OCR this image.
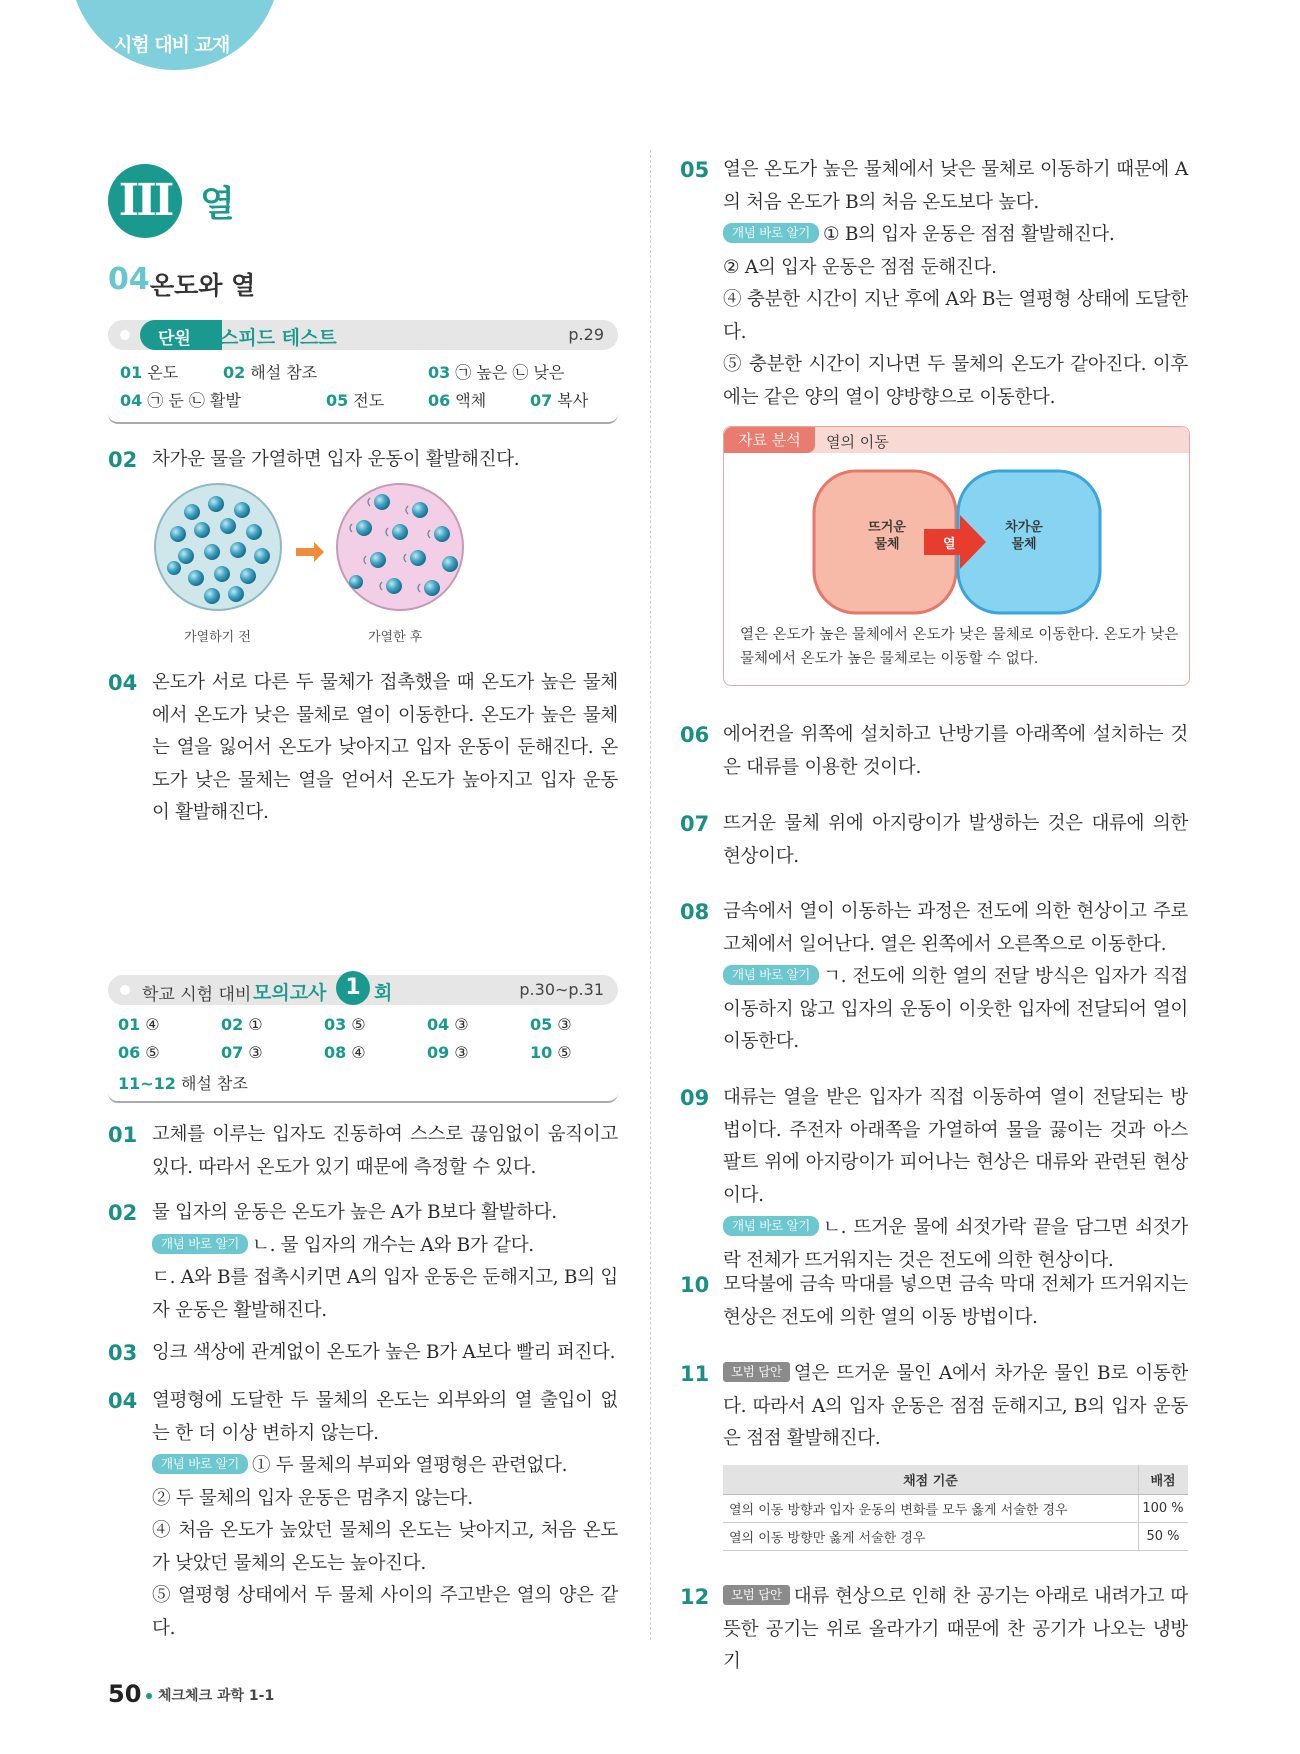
시험 대비 교재
III 열
04 온도와 열
단원 스피드 테스트	p.29
01 온도	02 해설 참조	03 ㉠ 높은 ㉡ 낮은
04 ㉠ 둔 ㉡ 활발	05 전도	06 액체	07 복사
02 차가운 물을 가열하면 입자 운동이 활발해진다.
가열하기 전	가열한 후
04 온도가 서로 다른 두 물체가 접촉했을 때 온도가 높은 물체에서 온도가 낮은 물체로 열이 이동한다. 온도가 높은 물체는 열을 잃어서 온도가 낮아지고 입자 운동이 둔해진다. 온도가 낮은 물체는 열을 얻어서 온도가 높아지고 입자 운동이 활발해진다.
학교 시험 대비 모의고사 1 회	p.30∼p.31
01 ④	02 ①	03 ⑤	04 ③	05 ③
06 ⑤	07 ③	08 ④	09 ③	10 ⑤
11~12 해설 참조
01 고체를 이루는 입자도 진동하여 스스로 끊임없이 움직이고 있다. 따라서 온도가 있기 때문에 측정할 수 있다.
02 물 입자의 운동은 온도가 높은 A가 B보다 활발하다.

개념 바로 알기 ㄴ. 물 입자의 개수는 A와 B가 같다.

ㄷ. A와 B를 접촉시키면 A의 입자 운동은 둔해지고, B의 입자 운동은 활발해진다.

03 잉크 색상에 관계없이 온도가 높은 B가 A보다 빨리 퍼진다.
04 열평형에 도달한 두 물체의 온도는 외부와의 열 출입이 없는 한 더 이상 변하지 않는다.

개념 바로 알기 ① 두 물체의 부피와 열평형은 관련없다.

② 두 물체의 입자 운동은 멈추지 않는다.

④ 처음 온도가 높았던 물체의 온도는 낮아지고, 처음 온도가 낮았던 물체의 온도는 높아진다.

⑤ 열평형 상태에서 두 물체 사이의 주고받은 열의 양은 같다.

05 열은 온도가 높은 물체에서 낮은 물체로 이동하기 때문에 A의 처음 온도가 B의 처음 온도보다 높다.

개념 바로 알기 ① B의 입자 운동은 점점 활발해진다.

② A의 입자 운동은 점점 둔해진다.

④ 충분한 시간이 지난 후에 A와 B는 열평형 상태에 도달한다.

⑤ 충분한 시간이 지나면 두 물체의 온도가 같아진다. 이후에는 같은 양의 열이 양방향으로 이동한다.

자료 분석	열의 이동
뜨거운
물체
차가운
물체
열
열은 온도가 높은 물체에서 온도가 낮은 물체로 이동한다. 온도가 낮은 물체에서 온도가 높은 물체로는 이동할 수 없다.
06 에어컨을 위쪽에 설치하고 난방기를 아래쪽에 설치하는 것은 대류를 이용한 것이다.
07 뜨거운 물체 위에 아지랑이가 발생하는 것은 대류에 의한 현상이다.
08 금속에서 열이 이동하는 과정은 전도에 의한 현상이고 주로 고체에서 일어난다. 열은 왼쪽에서 오른쪽으로 이동한다.

개념 바로 알기 ㄱ. 전도에 의한 열의 전달 방식은 입자가 직접 이동하지 않고 입자의 운동이 이웃한 입자에 전달되어 열이 이동한다.

09 대류는 열을 받은 입자가 직접 이동하여 열이 전달되는 방법이다. 주전자 아래쪽을 가열하여 물을 끓이는 것과 아스팔트 위에 아지랑이가 피어나는 현상은 대류와 관련된 현상이다.

개념 바로 알기 ㄴ. 뜨거운 물에 쇠젓가락 끝을 담그면 쇠젓가락 전체가 뜨거워지는 것은 전도에 의한 현상이다.

10 모닥불에 금속 막대를 넣으면 금속 막대 전체가 뜨거워지는 현상은 전도에 의한 열의 이동 방법이다.
11	모범 답안 열은 뜨거운 물인 A에서 차가운 물인 B로 이동한다. 따라서 A의 입자 운동은 점점 둔해지고, B의 입자 운동은 점점 활발해진다.

채점 기준	배점
열의 이동 방향과 입자 운동의 변화를 모두 옳게 서술한 경우	100 %
열의 이동 방향만 옳게 서술한 경우	50 %
12	모범 답안 대류 현상으로 인해 찬 공기는 아래로 내려가고 따뜻한 공기는 위로 올라가기 때문에 찬 공기가 나오는 냉방기

50 체크체크 과학 1-1
